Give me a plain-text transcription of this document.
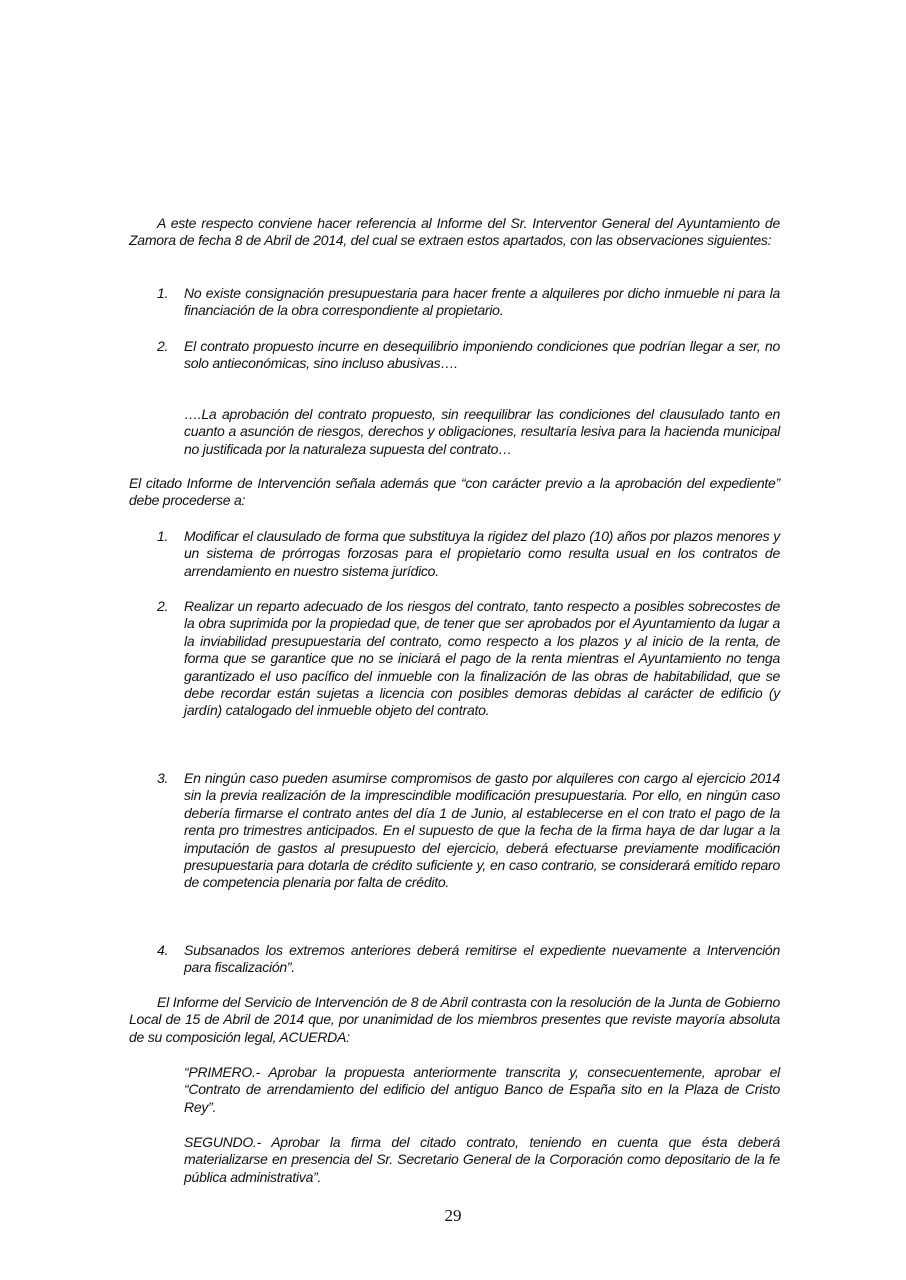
A este respecto conviene hacer referencia al Informe del Sr. Interventor General del Ayuntamiento de Zamora de fecha 8 de Abril de 2014, del cual se extraen estos apartados, con las observaciones siguientes:

1. No existe consignación presupuestaria para hacer frente a alquileres por dicho inmueble ni para la financiación de la obra correspondiente al propietario.
2. El contrato propuesto incurre en desequilibrio imponiendo condiciones que podrían llegar a ser, no solo antieconómicas, sino incluso abusivas….

….La aprobación del contrato propuesto, sin reequilibrar las condiciones del clausulado tanto en cuanto a asunción de riesgos, derechos y obligaciones, resultaría lesiva para la hacienda municipal no justificada por la naturaleza supuesta del contrato…

El citado Informe de Intervención señala además que “con carácter previo a la aprobación del expediente” debe procederse a:

1. Modificar el clausulado de forma que substituya la rigidez del plazo (10) años por plazos menores y un sistema de prórrogas forzosas para el propietario como resulta usual en los contratos de arrendamiento en nuestro sistema jurídico.
2. Realizar un reparto adecuado de los riesgos del contrato, tanto respecto a posibles sobrecostes de la obra suprimida por la propiedad que, de tener que ser aprobados por el Ayuntamiento da lugar a la inviabilidad presupuestaria del contrato, como respecto a los plazos y al inicio de la renta, de forma que se garantice que no se iniciará el pago de la renta mientras el Ayuntamiento no tenga garantizado el uso pacífico del inmueble con la finalización de las obras de habitabilidad, que se debe recordar están sujetas a licencia con posibles demoras debidas al carácter de edificio (y jardín) catalogado del inmueble objeto del contrato.
3. En ningún caso pueden asumirse compromisos de gasto por alquileres con cargo al ejercicio 2014 sin la previa realización de la imprescindible modificación presupuestaria. Por ello, en ningún caso debería firmarse el contrato antes del día 1 de Junio, al establecerse en el con trato el pago de la renta pro trimestres anticipados. En el supuesto de que la fecha de la firma haya de dar lugar a la imputación de gastos al presupuesto del ejercicio, deberá efectuarse previamente modificación presupuestaria para dotarla de crédito suficiente y, en caso contrario, se considerará emitido reparo de competencia plenaria por falta de crédito.
4. Subsanados los extremos anteriores deberá remitirse el expediente nuevamente a Intervención para fiscalización”.

El Informe del Servicio de Intervención de 8 de Abril contrasta con la resolución de la Junta de Gobierno Local de 15 de Abril de 2014 que, por unanimidad de los miembros presentes que reviste mayoría absoluta de su composición legal, ACUERDA:

“PRIMERO.- Aprobar la propuesta anteriormente transcrita y, consecuentemente, aprobar el “Contrato de arrendamiento del edificio del antiguo Banco de España sito en la Plaza de Cristo Rey”.

SEGUNDO.- Aprobar la firma del citado contrato, teniendo en cuenta que ésta deberá materializarse en presencia del Sr. Secretario General de la Corporación como depositario de la fe pública administrativa”.

29
